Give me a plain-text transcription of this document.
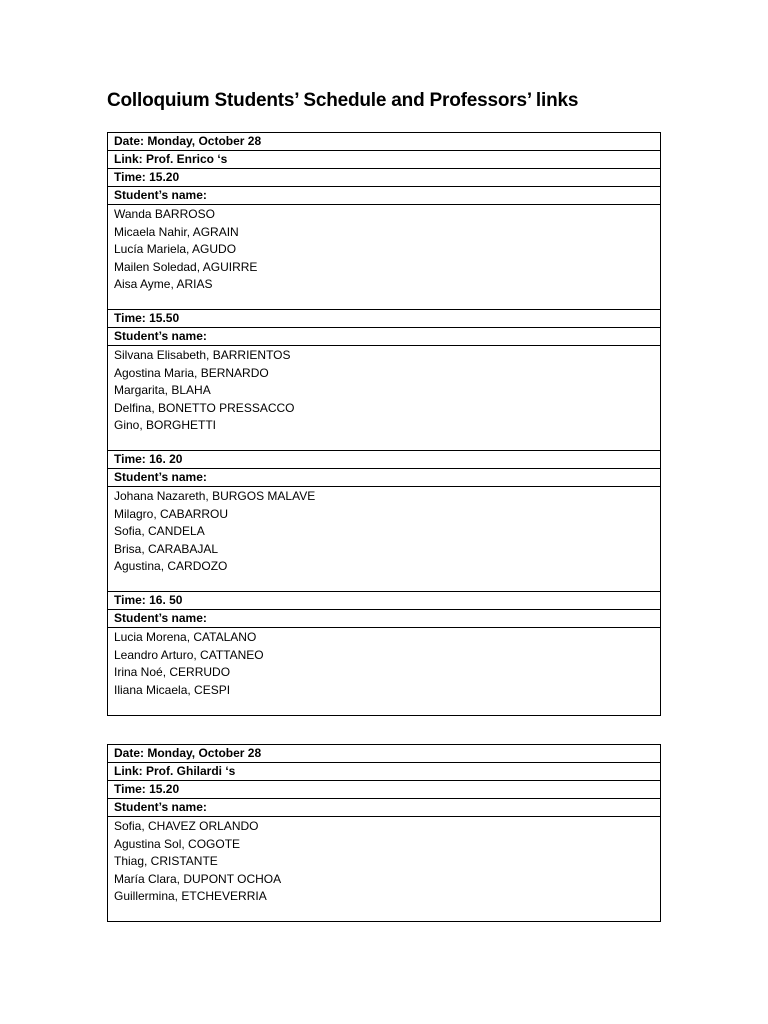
Colloquium Students’ Schedule and Professors’ links
Date: Monday, October 28
Link: Prof. Enrico ‘s
Time: 15.20
Student’s name:
Wanda BARROSO
Micaela Nahir, AGRAIN
Lucía Mariela, AGUDO
Mailen Soledad, AGUIRRE
Aisa Ayme, ARIAS
Time: 15.50
Student’s name:
Silvana Elisabeth, BARRIENTOS
Agostina Maria, BERNARDO
Margarita, BLAHA
Delfina, BONETTO PRESSACCO
Gino, BORGHETTI
Time: 16. 20
Student’s name:
Johana Nazareth, BURGOS MALAVE
Milagro, CABARROU
Sofia, CANDELA
Brisa, CARABAJAL
Agustina, CARDOZO
Time: 16. 50
Student’s name:
Lucia Morena, CATALANO
Leandro Arturo, CATTANEO
Irina Noé, CERRUDO
Iliana Micaela, CESPI
Date: Monday, October 28
Link: Prof. Ghilardi ‘s
Time: 15.20
Student’s name:
Sofia, CHAVEZ ORLANDO
Agustina Sol, COGOTE
Thiag, CRISTANTE
María Clara, DUPONT OCHOA
Guillermina, ETCHEVERRIA
